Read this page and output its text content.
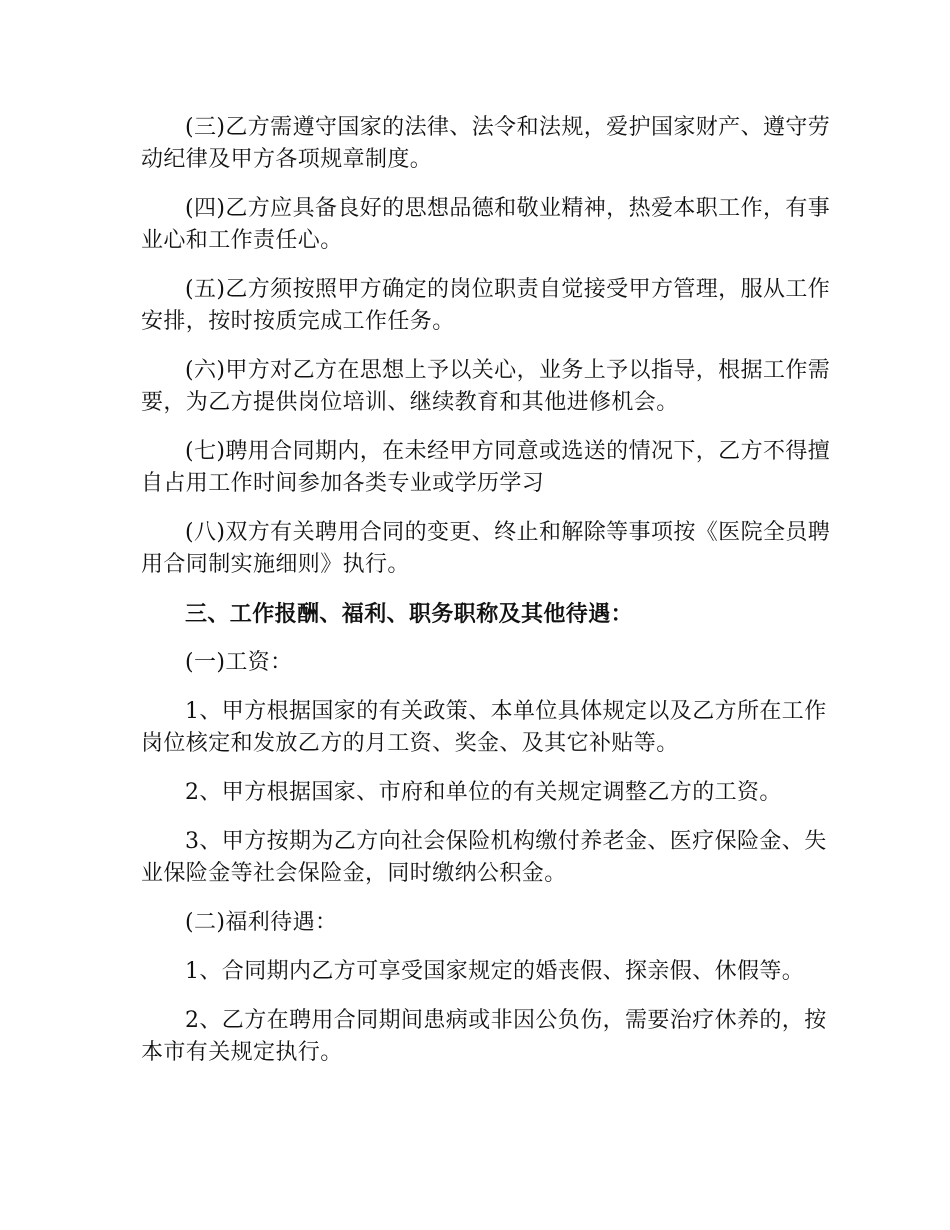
(三)乙方需遵守国家的法律、法令和法规，爱护国家财产、遵守劳动纪律及甲方各项规章制度。

(四)乙方应具备良好的思想品德和敬业精神，热爱本职工作，有事业心和工作责任心。

(五)乙方须按照甲方确定的岗位职责自觉接受甲方管理，服从工作安排，按时按质完成工作任务。

(六)甲方对乙方在思想上予以关心，业务上予以指导，根据工作需要，为乙方提供岗位培训、继续教育和其他进修机会。

(七)聘用合同期内，在未经甲方同意或选送的情况下，乙方不得擅自占用工作时间参加各类专业或学历学习

(八)双方有关聘用合同的变更、终止和解除等事项按《医院全员聘用合同制实施细则》执行。

三、工作报酬、福利、职务职称及其他待遇：

(一)工资：

1、甲方根据国家的有关政策、本单位具体规定以及乙方所在工作岗位核定和发放乙方的月工资、奖金、及其它补贴等。

2、甲方根据国家、市府和单位的有关规定调整乙方的工资。

3、甲方按期为乙方向社会保险机构缴付养老金、医疗保险金、失业保险金等社会保险金，同时缴纳公积金。

(二)福利待遇：

1、合同期内乙方可享受国家规定的婚丧假、探亲假、休假等。

2、乙方在聘用合同期间患病或非因公负伤，需要治疗休养的，按本市有关规定执行。
